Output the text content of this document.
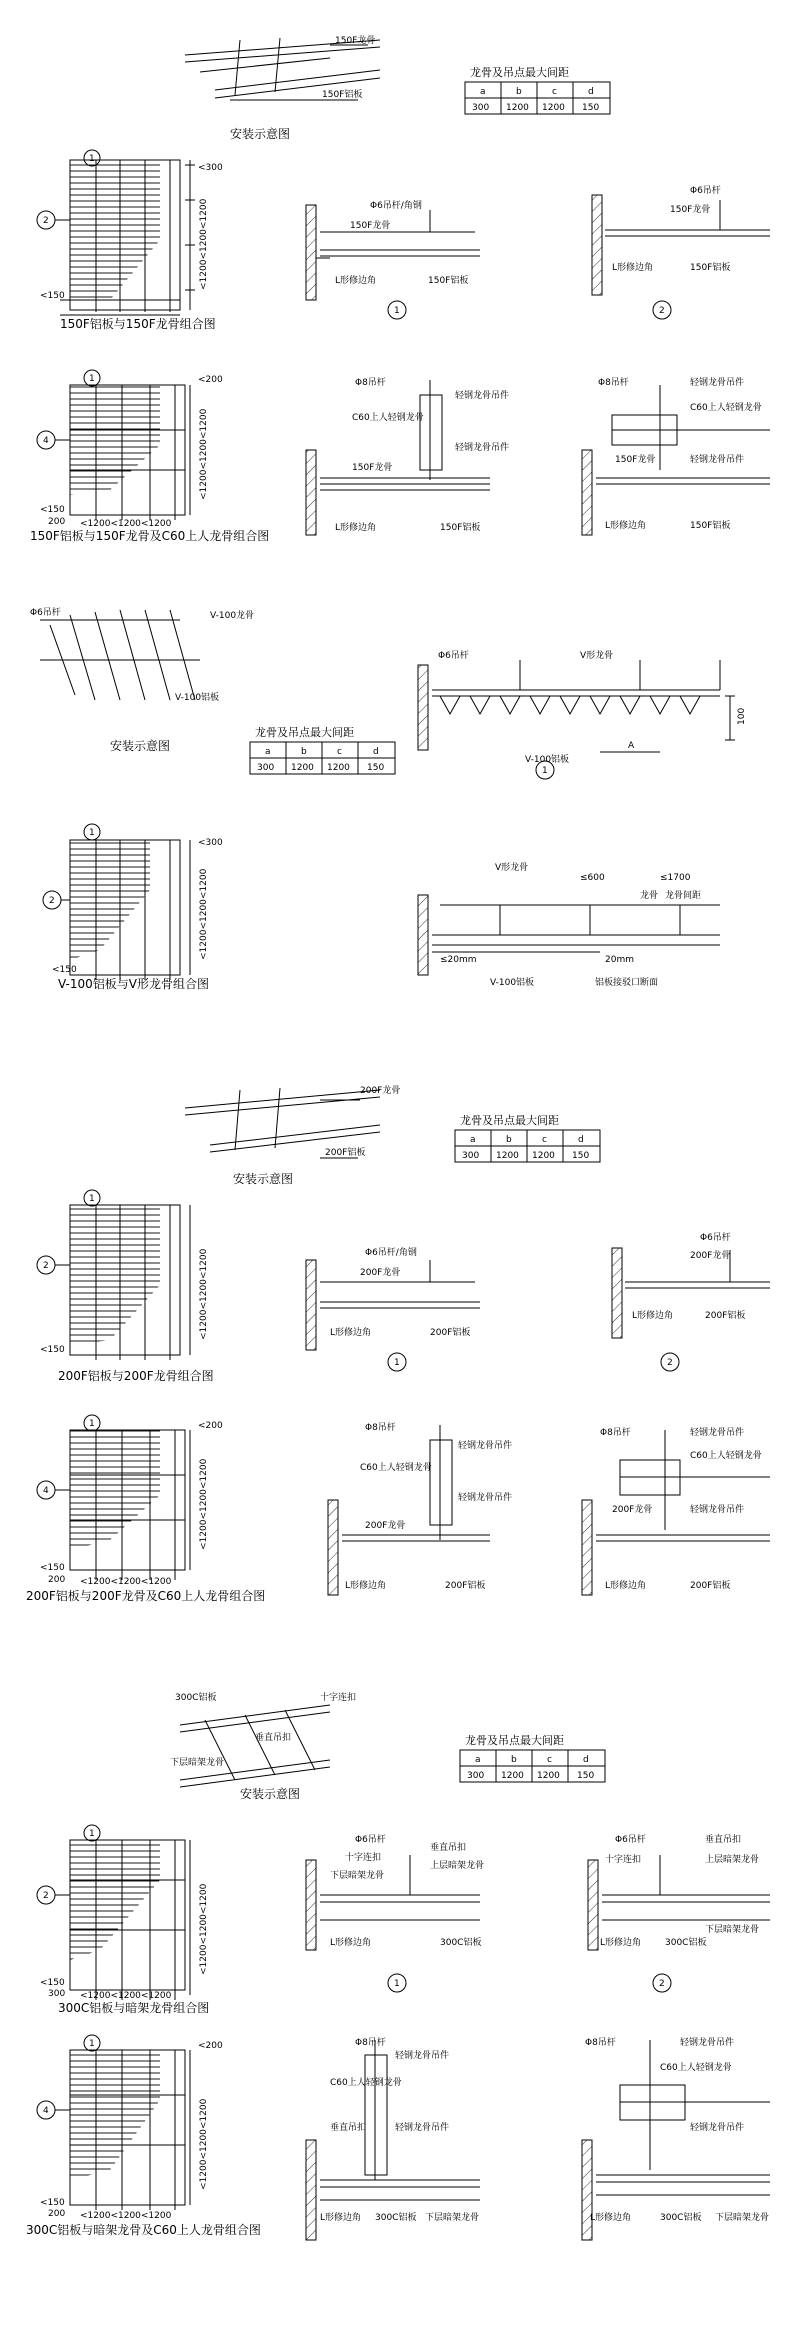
150F龙骨
150F铝板
安装示意图
龙骨及吊点最大间距
a	b	c	d
300 1200 1200 150
2
1
<300
<1200<1200<1200
<150
150F铝板与150F龙骨组合图
Φ6吊杆/角钢
150F龙骨
L形修边角	150F铝板
1
Φ6吊杆
150F龙骨
L形修边角	150F铝板
2
1
4
<200
<1200<1200<1200
<150
200 <1200<1200<1200
150F铝板与150F龙骨及C60上人龙骨组合图
Φ8吊杆
轻钢龙骨吊件
C60上人轻钢龙骨
轻钢龙骨吊件
150F龙骨
L形修边角	150F铝板
Φ8吊杆	轻钢龙骨吊件
C60上人轻钢龙骨
轻钢龙骨吊件
150F龙骨
L形修边角	150F铝板
Φ6吊杆	V-100龙骨
V-100铝板
安装示意图
龙骨及吊点最大间距
a	b	c	d
300 1200 1200 150
Φ6吊杆	V形龙骨
100
A
V-100铝板
1
1
2
<300
<1200<1200<1200
<150
V-100铝板与V形龙骨组合图
V形龙骨
≤600	≤1700
龙骨间距
龙骨
≤20mm	20mm
V-100铝板	铝板接驳口断面
200F龙骨
200F铝板
安装示意图
龙骨及吊点最大间距
a	b	c	d
300 1200 1200 150
1
2	<1200<1200<1200
<150
200F铝板与200F龙骨组合图
Φ6吊杆/角钢
200F龙骨
L形修边角	200F铝板
1
Φ6吊杆
200F龙骨
L形修边角	200F铝板
2
1
4
<200
<1200<1200<1200
<150
200 <1200<1200<1200
200F铝板与200F龙骨及C60上人龙骨组合图
Φ8吊杆
轻钢龙骨吊件
C60上人轻钢龙骨
轻钢龙骨吊件
200F龙骨
L形修边角	200F铝板
Φ8吊杆	轻钢龙骨吊件
C60上人轻钢龙骨
轻钢龙骨吊件
200F龙骨
L形修边角	200F铝板
300C铝板	十字连扣
垂直吊扣
下层暗架龙骨
安装示意图
龙骨及吊点最大间距
a	b	c	d
300 1200 1200 150
1
2	<1200<1200<1200
<150
300 <1200<1200<1200
300C铝板与暗架龙骨组合图
Φ6吊杆
十字连扣
垂直吊扣
下层暗架龙骨
上层暗架龙骨
L形修边角	300C铝板
1
Φ6吊杆
十字连扣
垂直吊扣
上层暗架龙骨
下层暗架龙骨
L形修边角	300C铝板
2
1
4
<200
<1200<1200<1200
<150
200 <1200<1200<1200
300C铝板与暗架龙骨及C60上人龙骨组合图
Φ8吊杆
轻钢龙骨吊件
C60上人轻钢龙骨
垂直吊扣	轻钢龙骨吊件
L形修边角 300C铝板 下层暗架龙骨
Φ8吊杆	轻钢龙骨吊件
C60上人轻钢龙骨
轻钢龙骨吊件
L形修边角	300C铝板 下层暗架龙骨
